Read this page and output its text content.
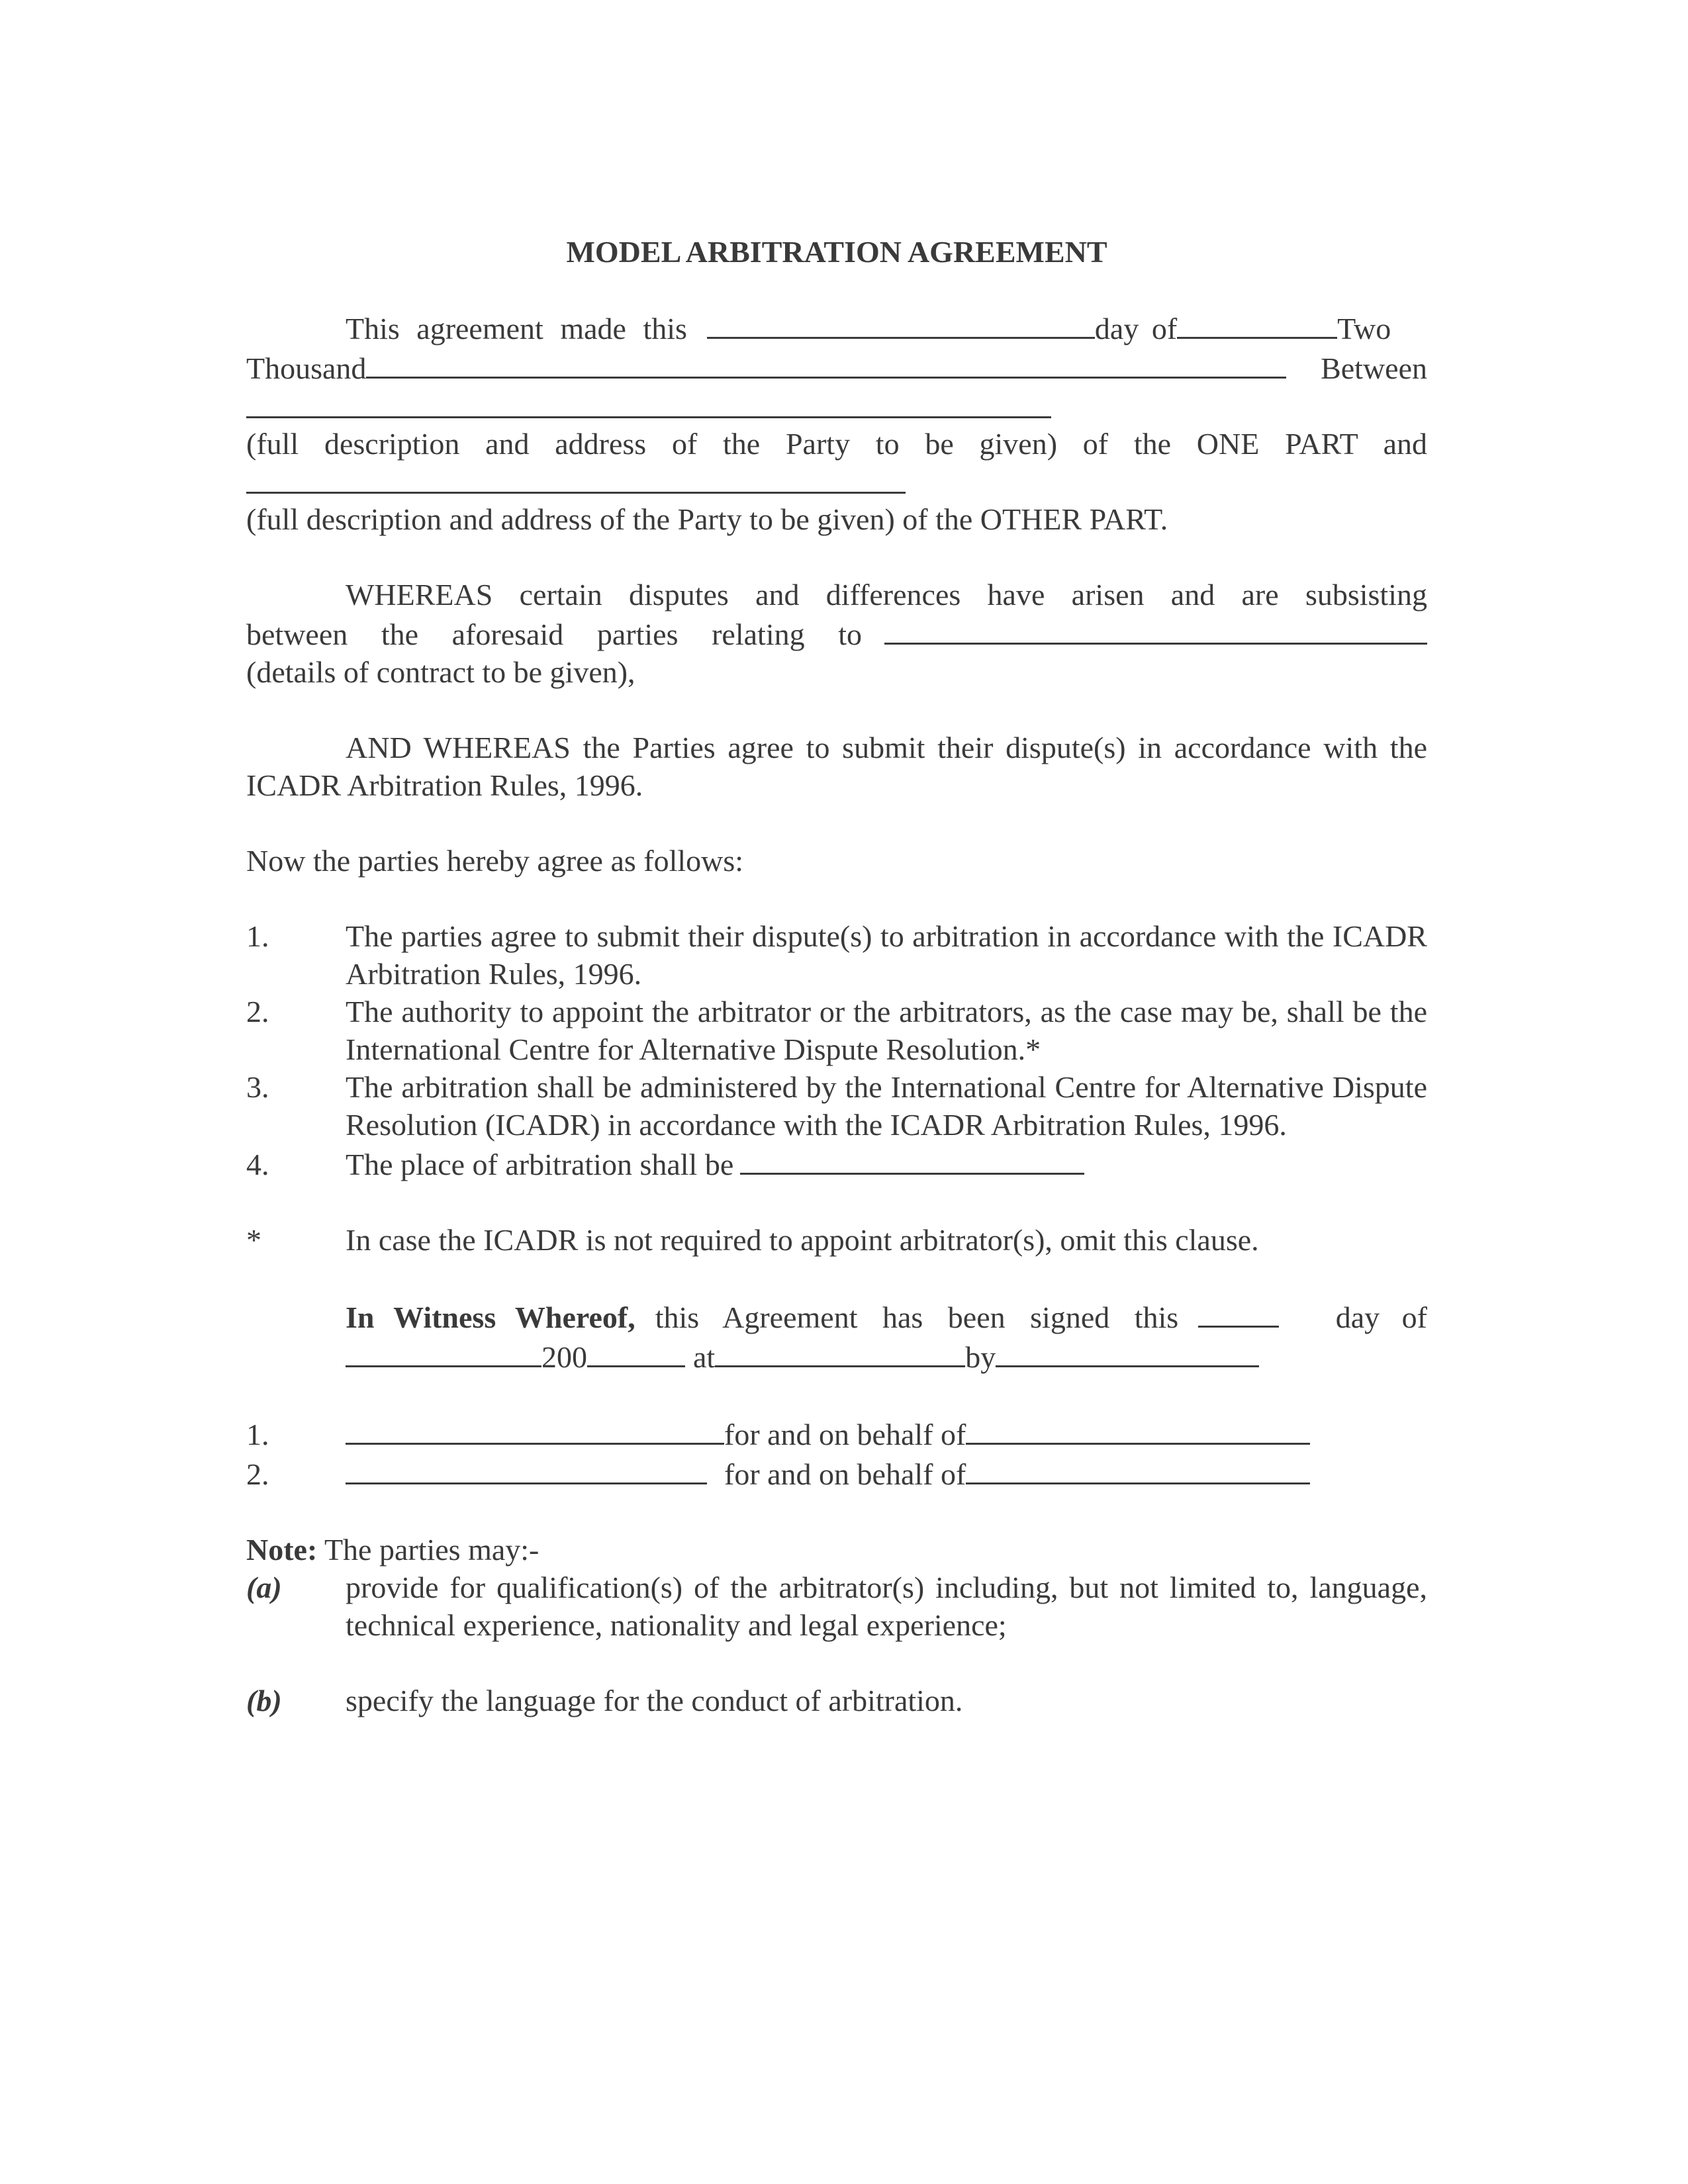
MODEL ARBITRATION AGREEMENT

This agreement made this	day of	Two
Thousand	Between

(full description and address of the Party to be given) of the ONE PART and

(full description and address of the Party to be given) of the OTHER PART.

WHEREAS certain disputes and differences have arisen and are subsisting

between the aforesaid parties relating to

(details of contract to be given),

AND WHEREAS the Parties agree to submit their dispute(s) in accordance with the ICADR Arbitration Rules, 1996.

Now the parties hereby agree as follows:

1.	The parties agree to submit their dispute(s) to arbitration in accordance with the ICADR Arbitration Rules, 1996.
2.	The authority to appoint the arbitrator or the arbitrators, as the case may be, shall be the International Centre for Alternative Dispute Resolution.*
3.	The arbitration shall be administered by the International Centre for Alternative Dispute Resolution (ICADR) in accordance with the ICADR Arbitration Rules, 1996.
4.	The place of arbitration shall be
*	In case the ICADR is not required to appoint arbitrator(s), omit this clause.
In Witness Whereof, this Agreement has been signed this	day of
200	at	by
1.	for and on behalf of
2.	for and on behalf of

Note: The parties may:-

(a)	provide for qualification(s) of the arbitrator(s) including, but not limited to, language, technical experience, nationality and legal experience;
(b)	specify the language for the conduct of arbitration.
